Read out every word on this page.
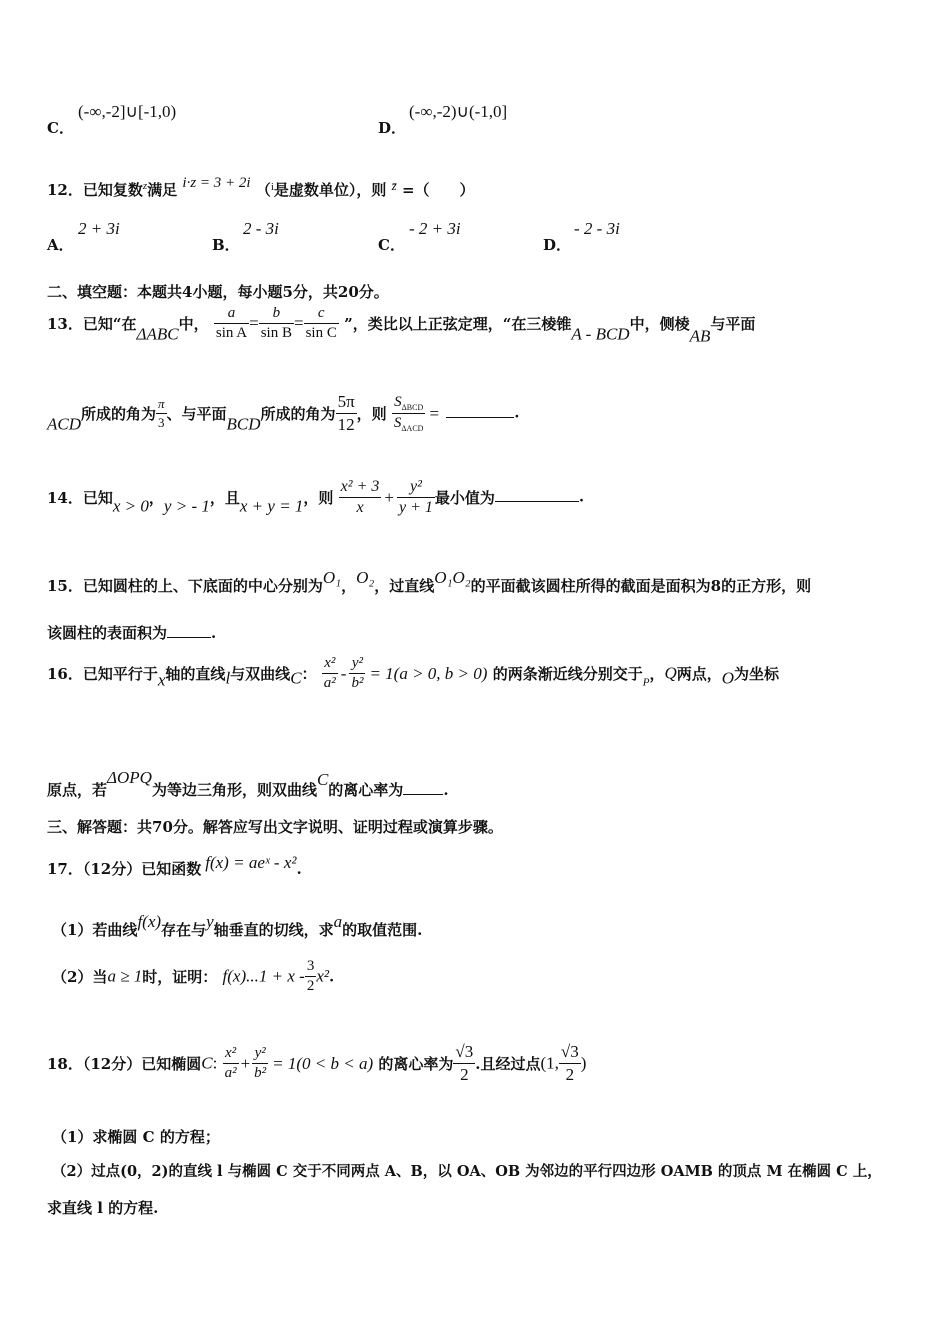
C．
(-∞,-2]∪[-1,0)
D．
(-∞,-2)∪(-1,0]
12．已知复数$^z$满足 i·z = 3 + 2i （$^i$是虚数单位），则 z̄ =（　　）
A．
2 + 3i
B．
2 - 3i
C．
- 2 + 3i
D．
- 2 - 3i
二、填空题：本题共4小题，每小题5分，共20分。
13．已知“在ΔABC中， $\frac{a}{\text{sin A}} = \frac{b}{\text{sin B}} = \frac{c}{\text{sin C}}$ ”，类比以上正弦定理，“在三棱锥A - BCD中，侧棱AB与平面
ACD所成的角为 $\frac{\pi}{3}$ 、与平面BCD所成的角为 $\frac{5\pi}{12}$ ，则 $\frac{S_{\Delta BCD}}{S_{\Delta ACD}}$ =	.
14．已知x > 0，y > - 1，且x + y = 1，则 $\frac{\text{x² + 3}}{x} + \frac{\text{y²}}{y + 1}$ 最小值为	.
15．已知圆柱的上、下底面的中心分别为O₁，O₂，过直线O₁O₂的平面截该圆柱所得的截面是面积为8的正方形，则
该圆柱的表面积为	.
16．已知平行于x轴的直线l与双曲线C： $\frac{\text{x²}}{\text{a²}} - \frac{\text{y²}}{\text{b²}} = 1(a > 0$, b > 0) 的两条渐近线分别交于$_P$，Q两点，O为坐标
原点，若ΔOPQ为等边三角形，则双曲线C的离心率为	.
三、解答题：共70分。解答应写出文字说明、证明过程或演算步骤。
17．（12分）已知函数 f(x) = aeˣ - x².
（1）若曲线f(x)存在与y轴垂直的切线，求a的取值范围.
（2）当a ≥ 1时，证明： $f(x)...1 + x - \frac{3}{2} x^2$.
18．（12分）已知椭圆C: $\frac{\text{x²}}{\text{a²}} + \frac{\text{y²}}{\text{b²}} = 1(0 < b < a)$ 的离心率为 $\frac{√3}{2}$ .且经过点(1, $\frac{√3}{2}$ )
（1）求椭圆 C 的方程；
（2）过点(0，2)的直线 l 与椭圆 C 交于不同两点 A、B，以 OA、OB 为邻边的平行四边形 OAMB 的顶点 M 在椭圆 C 上，
求直线 l 的方程.
